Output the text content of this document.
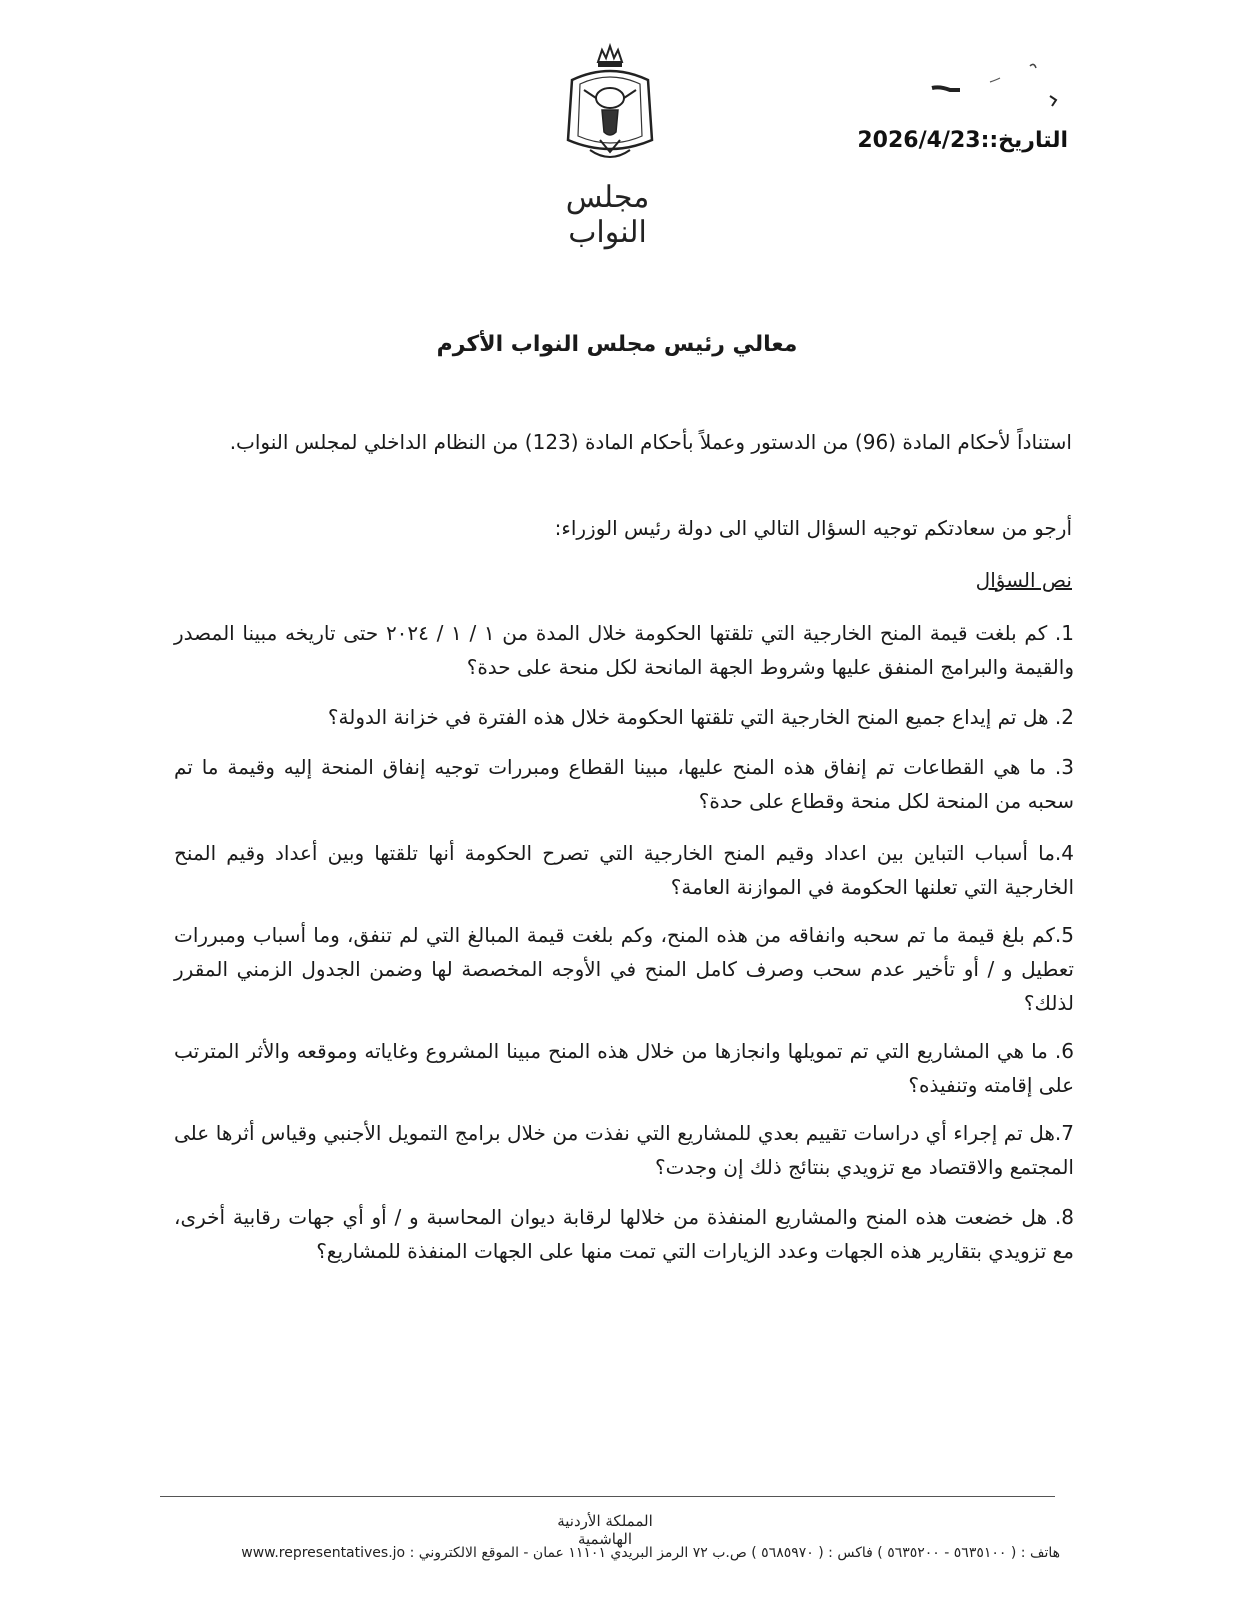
مجلس النواب
التاريخ:2026/4/23:
معالي رئيس مجلس النواب الأكرم
استناداً لأحكام المادة (96) من الدستور وعملاً بأحكام المادة (123) من النظام الداخلي لمجلس النواب.
أرجو من سعادتكم توجيه السؤال التالي الى دولة رئيس الوزراء:
نص السؤال
1. كم بلغت قيمة المنح الخارجية التي تلقتها الحكومة خلال المدة من ١ / ١ / ٢٠٢٤ حتى تاريخه مبينا المصدر والقيمة والبرامج المنفق عليها وشروط الجهة المانحة لكل منحة على حدة؟
2. هل تم إيداع جميع المنح الخارجية التي تلقتها الحكومة خلال هذه الفترة في خزانة الدولة؟
3. ما هي القطاعات تم إنفاق هذه المنح عليها، مبينا القطاع ومبررات توجيه إنفاق المنحة إليه وقيمة ما تم سحبه من المنحة لكل منحة وقطاع على حدة؟
4.ما أسباب التباين بين اعداد وقيم المنح الخارجية التي تصرح الحكومة أنها تلقتها وبين أعداد وقيم المنح الخارجية التي تعلنها الحكومة في الموازنة العامة؟
5.كم بلغ قيمة ما تم سحبه وانفاقه من هذه المنح، وكم بلغت قيمة المبالغ التي لم تنفق، وما أسباب ومبررات تعطيل و / أو تأخير عدم سحب وصرف كامل المنح في الأوجه المخصصة لها وضمن الجدول الزمني المقرر لذلك؟
6. ما هي المشاريع التي تم تمويلها وانجازها من خلال هذه المنح مبينا المشروع وغاياته وموقعه والأثر المترتب على إقامته وتنفيذه؟
7.هل تم إجراء أي دراسات تقييم بعدي للمشاريع التي نفذت من خلال برامج التمويل الأجنبي وقياس أثرها على المجتمع والاقتصاد مع تزويدي بنتائج ذلك إن وجدت؟
8. هل خضعت هذه المنح والمشاريع المنفذة من خلالها لرقابة ديوان المحاسبة و / أو أي جهات رقابية أخرى، مع تزويدي بتقارير هذه الجهات وعدد الزيارات التي تمت منها على الجهات المنفذة للمشاريع؟
المملكة الأردنية الهاشمية
هاتف : ( ٥٦٣٥١٠٠ - ٥٦٣٥٢٠٠ ) فاكس : ( ٥٦٨٥٩٧٠ ) ص.ب ٧٢ الرمز البريدي ١١١٠١ عمان - الموقع الالكتروني : www.representatives.jo
